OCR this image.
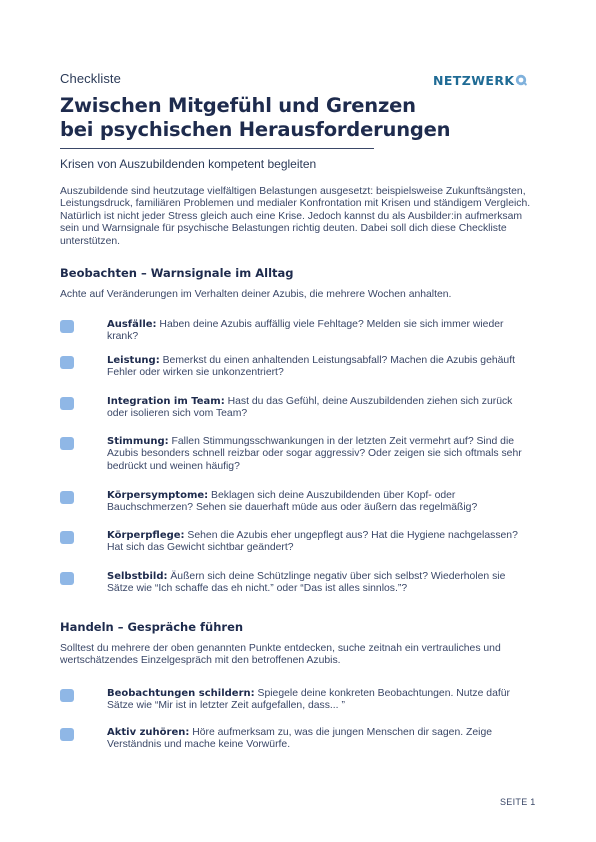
Checkliste	NETZWERK
Zwischen Mitgefühl und Grenzen
bei psychischen Herausforderungen
Krisen von Auszubildenden kompetent begleiten

Auszubildende sind heutzutage vielfältigen Belastungen ausgesetzt: beispielsweise Zukunftsängsten, Leistungsdruck, familiären Problemen und medialer Konfrontation mit Krisen und ständigem Vergleich. Natürlich ist nicht jeder Stress gleich auch eine Krise. Jedoch kannst du als Ausbilder:in aufmerksam sein und Warnsignale für psychische Belastungen richtig deuten. Dabei soll dich diese Checkliste unterstützen.

Beobachten – Warnsignale im Alltag

Achte auf Veränderungen im Verhalten deiner Azubis, die mehrere Wochen anhalten.

Ausfälle: Haben deine Azubis auffällig viele Fehltage? Melden sie sich immer wieder krank?

Leistung: Bemerkst du einen anhaltenden Leistungsabfall? Machen die Azubis gehäuft Fehler oder wirken sie unkonzentriert?

Integration im Team: Hast du das Gefühl, deine Auszubildenden ziehen sich zurück oder isolieren sich vom Team?

Stimmung: Fallen Stimmungsschwankungen in der letzten Zeit vermehrt auf? Sind die Azubis besonders schnell reizbar oder sogar aggressiv? Oder zeigen sie sich oftmals sehr bedrückt und weinen häufig?

Körpersymptome: Beklagen sich deine Auszubildenden über Kopf- oder Bauchschmerzen? Sehen sie dauerhaft müde aus oder äußern das regelmäßig?

Körperpflege: Sehen die Azubis eher ungepflegt aus? Hat die Hygiene nachgelassen? Hat sich das Gewicht sichtbar geändert?

Selbstbild: Äußern sich deine Schützlinge negativ über sich selbst? Wiederholen sie Sätze wie “Ich schaffe das eh nicht.” oder “Das ist alles sinnlos.”?

Handeln – Gespräche führen

Solltest du mehrere der oben genannten Punkte entdecken, suche zeitnah ein vertrauliches und wertschätzendes Einzelgespräch mit den betroffenen Azubis.

Beobachtungen schildern: Spiegele deine konkreten Beobachtungen. Nutze dafür Sätze wie “Mir ist in letzter Zeit aufgefallen, dass... ”

Aktiv zuhören: Höre aufmerksam zu, was die jungen Menschen dir sagen. Zeige Verständnis und mache keine Vorwürfe.

SEITE 1
